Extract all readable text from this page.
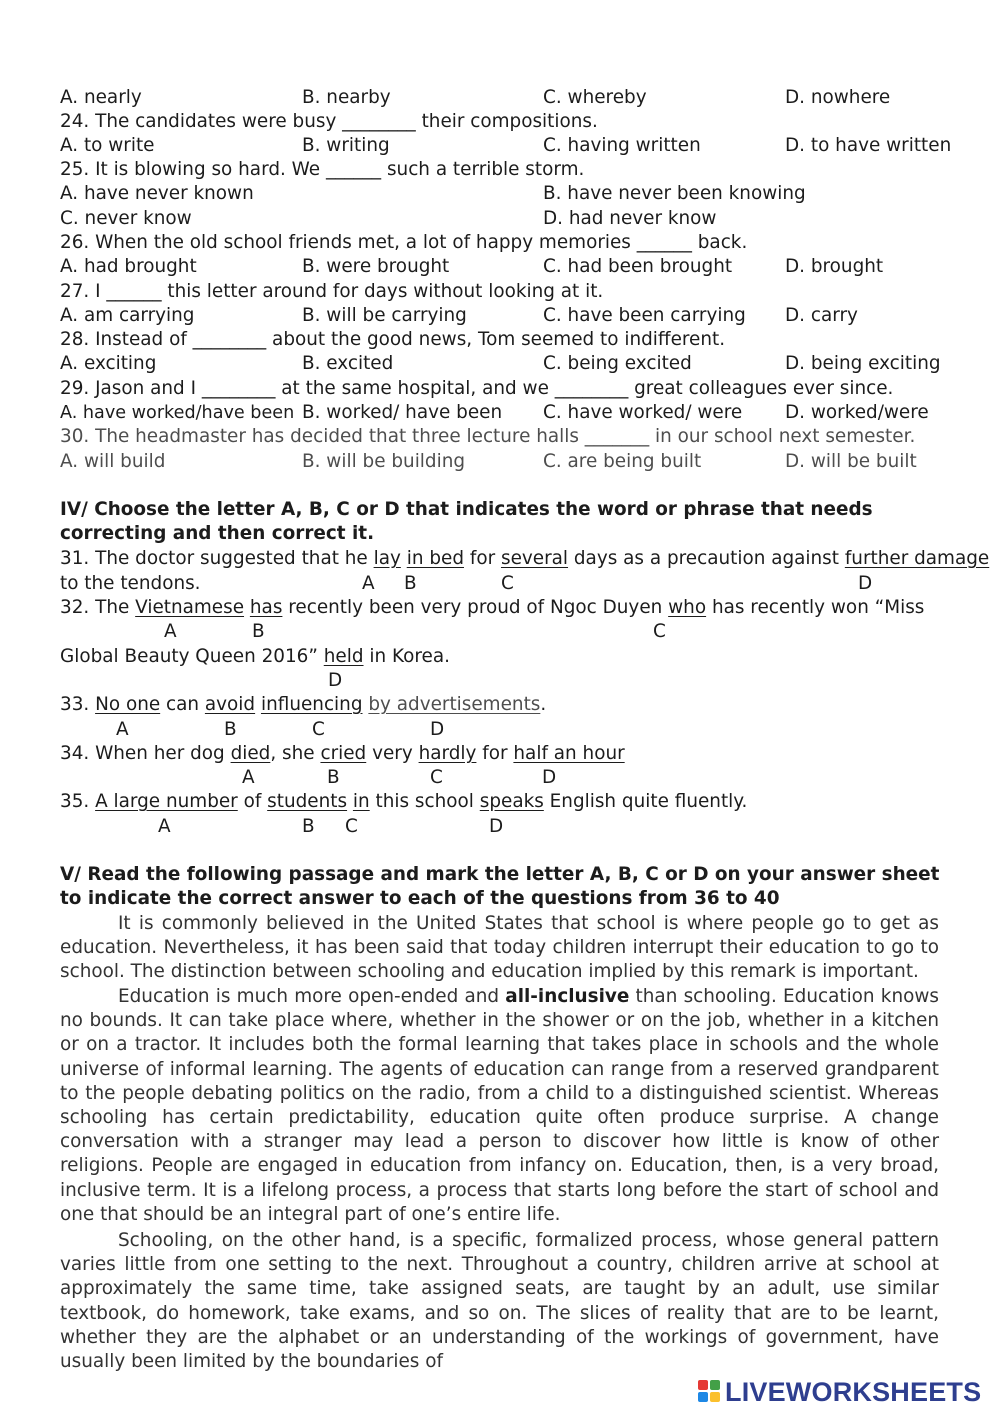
A. nearly	B. nearby	C. whereby	D. nowhere
24. The candidates were busy ________ their compositions.
A. to write	B. writing	C. having written	D. to have written
25. It is blowing so hard. We ______ such a terrible storm.
A. have never known	B. have never been knowing
C. never know	D. had never know
26. When the old school friends met, a lot of happy memories ______ back.
A. had brought	B. were brought	C. had been brought	D. brought
27. I ______ this letter around for days without looking at it.
A. am carrying	B. will be carrying	C. have been carrying D. carry
28. Instead of ________ about the good news, Tom seemed to indifferent.
A. exciting	B. excited	C. being excited	D. being exciting
29. Jason and I ________ at the same hospital, and we ________ great colleagues ever since.
A. have worked/have been B. worked/ have been C. have worked/ were D. worked/were
30. The headmaster has decided that three lecture halls _______ in our school next semester.
A. will build	B. will be building	C. are being built	D. will be built
IV/ Choose the letter A, B, C or D that indicates the word or phrase that needs correcting and then correct it.
31. The doctor suggested that he lay in bed for several days as a precaution against further damage
to the tendons.	A B	C	D
32. The Vietnamese has recently been very proud of Ngoc Duyen who has recently won “Miss
A	B	C
Global Beauty Queen 2016” held in Korea.
D
33. No one can avoid influencing by advertisements.
A	B	C	D
34. When her dog died, she cried very hardly for half an hour
A	B	C	D
35. A large number of students in this school speaks English quite fluently.
A	B C	D
V/ Read the following passage and mark the letter A, B, C or D on your answer sheet to indicate the correct answer to each of the questions from 36 to 40
It is commonly believed in the United States that school is where people go to get as education. Nevertheless, it has been said that today children interrupt their education to go to school. The distinction between schooling and education implied by this remark is important.
Education is much more open-ended and all-inclusive than schooling. Education knows no bounds. It can take place where, whether in the shower or on the job, whether in a kitchen or on a tractor. It includes both the formal learning that takes place in schools and the whole universe of informal learning. The agents of education can range from a reserved grandparent to the people debating politics on the radio, from a child to a distinguished scientist. Whereas schooling has certain predictability, education quite often produce surprise. A change conversation with a stranger may lead a person to discover how little is know of other religions. People are engaged in education from infancy on. Education, then, is a very broad, inclusive term. It is a lifelong process, a process that starts long before the start of school and one that should be an integral part of one’s entire life.
Schooling, on the other hand, is a specific, formalized process, whose general pattern varies little from one setting to the next. Throughout a country, children arrive at school at approximately the same time, take assigned seats, are taught by an adult, use similar textbook, do homework, take exams, and so on. The slices of reality that are to be learnt, whether they are the alphabet or an understanding of the workings of government, have usually been limited by the boundaries of
LIVEWORKSHEETS
